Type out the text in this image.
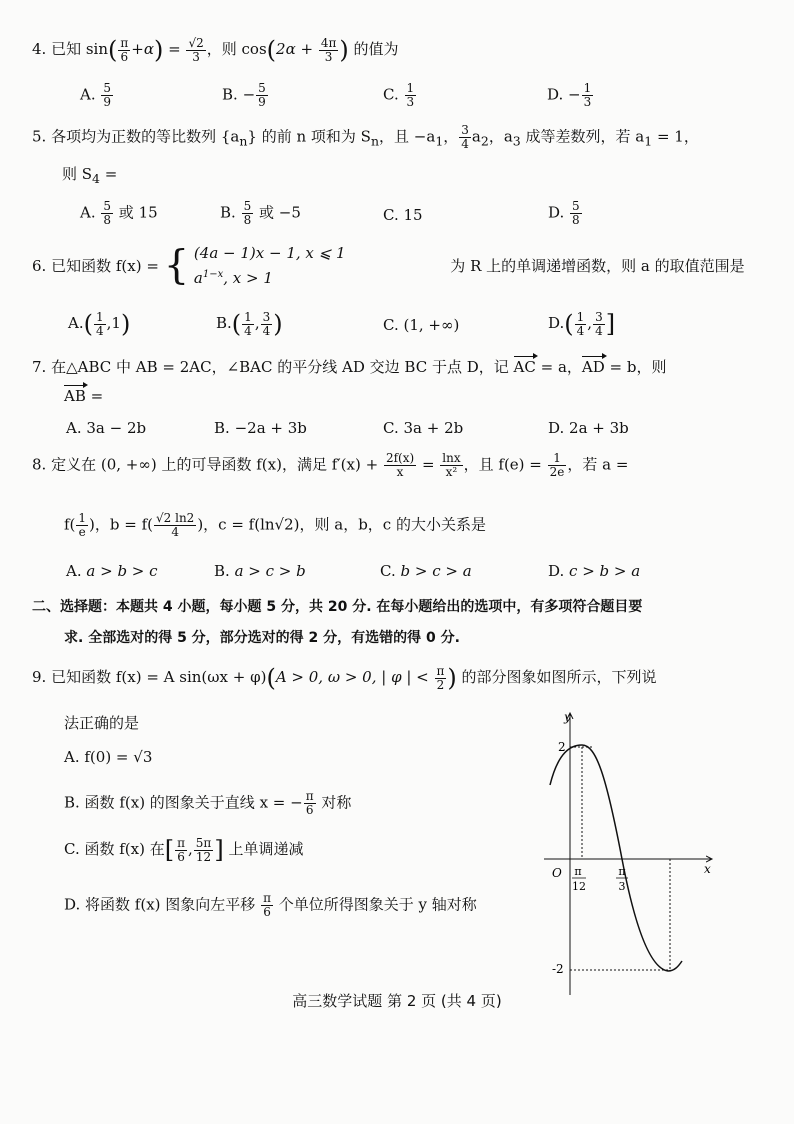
4. 已知 $\sin( \frac{\pi}{6} +\alpha) = \frac{√2}{3}$ ，则 $\cos(2\alpha + \frac{4\pi}{3}$ ) 的值为
A. $\frac{5}{9}$	B. − $\frac{5}{9}$	C. $\frac{1}{3}$	D. − $\frac{1}{3}$
5. 各项均为正数的等比数列 $\{a_n\}$ 的前 n 项和为 $S_n$，且 $-a_1$， $\frac{3}{4} a_2$，$a_3$ 成等差数列，若 $a_1 = 1$，
则 $S_4$ =
A. $\frac{5}{8}$ 或 15	B. $\frac{5}{8}$ 或 −5	C. 15	D. $\frac{5}{8}$
6. 已知函数 f(x) = { (4a − 1)x − 1, x ⩽ 1
$a^{1-x}$, x > 1
为 R 上的单调递增函数，则 a 的取值范围是
$A.( \frac{1}{4} ,1)$	$B.( \frac{1}{4}$ , $\frac{3}{4}$ )	C. (1, +∞)	$D.( \frac{1}{4}$ , $\frac{3}{4}$ ]
7. 在△ABC 中 AB = 2AC，∠BAC 的平分线 AD 交边 BC 于点 D，记 AC = a，AD = b，则
AB =
A. 3a − 2b	B. −2a + 3b	C. 3a + 2b	D. 2a + 3b
8. 定义在 (0, +∞) 上的可导函数 f(x)，满足 $f'(x) + \frac{2f(x)}{x} = \frac{\ln x}{\text{x²}}$ ，且 $f(e) = \frac{1}{2e}$ ，若 a =
$f( \frac{1}{e}$ )，$b = f( \frac{√2 \ln 2}{4}$ )，c = f(ln√2)，则 a，b，c 的大小关系是
A. a > b > c	B. a > c > b	C. b > c > a	D. c > b > a
二、选择题：本题共 4 小题，每小题 5 分，共 20 分. 在每小题给出的选项中，有多项符合题目要
求. 全部选对的得 5 分，部分选对的得 2 分，有选错的得 0 分.
9. 已知函数 f(x) = A sin(ωx + φ)(A > 0, ω > 0, | φ | < $\frac{\pi}{2}$ ) 的部分图象如图所示，下列说
法正确的是
A. f(0) = √3
B. 函数 f(x) 的图象关于直线 x = − $\frac{\pi}{6}$ 对称
C. 函数 f(x) 在[ $\frac{\pi}{6}$ , $\frac{5\pi}{12}$ ] 上单调递减
D. 将函数 f(x) 图象向左平移 $\frac{\pi}{6}$ 个单位所得图象关于 y 轴对称
y
x
O
2
-2
π
12
π
3
高三数学试题 第 2 页 (共 4 页)
